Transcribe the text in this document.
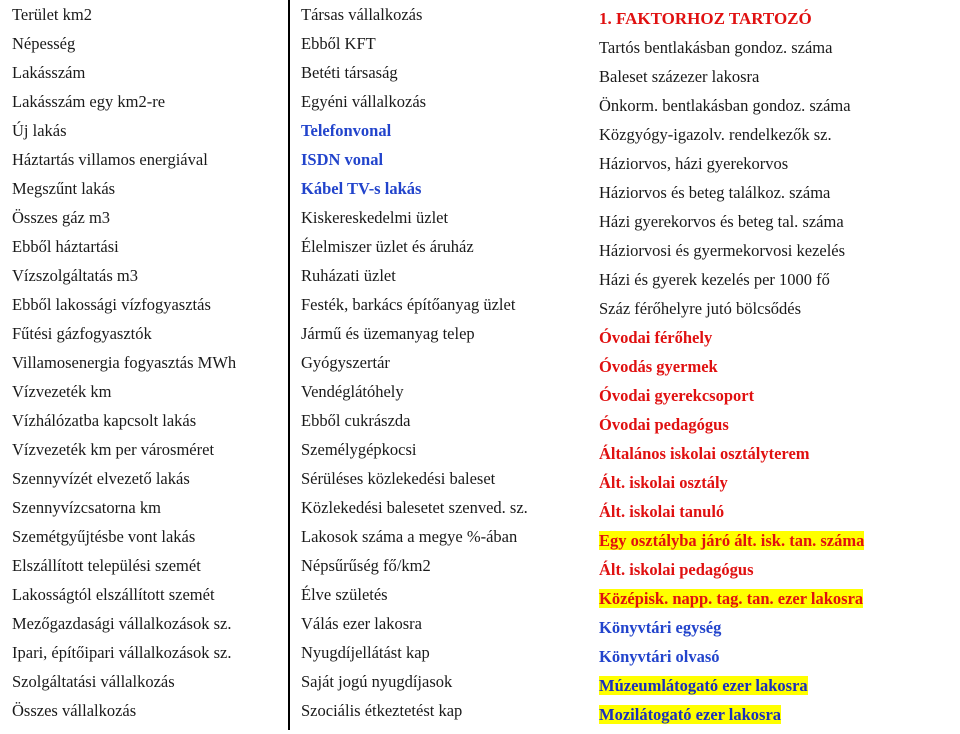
Terület km2
Népesség
Lakásszám
Lakásszám egy km2-re
Új lakás
Háztartás villamos energiával
Megszűnt lakás
Összes gáz m3
Ebből háztartási
Vízszolgáltatás m3
Ebből lakossági vízfogyasztás
Fűtési gázfogyasztók
Villamosenergia fogyasztás MWh
Vízvezeték km
Vízhálózatba kapcsolt lakás
Vízvezeték km per városméret
Szennyvízét elvezető lakás
Szennyvízcsatorna km
Szemétgyűjtésbe vont lakás
Elszállított települési szemét
Lakosságtól elszállított szemét
Mezőgazdasági vállalkozások sz.
Ipari, építőipari vállalkozások sz.
Szolgáltatási vállalkozás
Összes vállalkozás
Társas vállalkozás
Ebből KFT
Betéti társaság
Egyéni vállalkozás
Telefonvonal
ISDN vonal
Kábel TV-s lakás
Kiskereskedelmi üzlet
Élelmiszer üzlet és áruház
Ruházati üzlet
Festék, barkács építőanyag üzlet
Jármű és üzemanyag telep
Gyógyszertár
Vendéglátóhely
Ebből cukrászda
Személygépkocsi
Sérüléses közlekedési baleset
Közlekedési balesetet szenved. sz.
Lakosok száma a megye %-ában
Népsűrűség fő/km2
Élve születés
Válás ezer lakosra
Nyugdíjellátást kap
Saját jogú nyugdíjasok
Szociális étkeztetést kap
1. FAKTORHOZ TARTOZÓ
Tartós bentlakásban gondoz. száma
Baleset százezer lakosra
Önkorm. bentlakásban gondoz. száma
Közgyógy-igazolv. rendelkezők sz.
Háziorvos, házi gyerekorvos
Háziorvos és beteg találkoz. száma
Házi gyerekorvos és beteg tal. száma
Háziorvosi és gyermekorvosi kezelés
Házi és gyerek kezelés per 1000 fő
Száz férőhelyre jutó bölcsődés
Óvodai férőhely
Óvodás gyermek
Óvodai gyerekcsoport
Óvodai pedagógus
Általános iskolai osztályterem
Ált. iskolai osztály
Ált. iskolai tanuló
Egy osztályba járó ált. isk. tan. száma
Ált. iskolai pedagógus
Középisk. napp. tag. tan. ezer lakosra
Könyvtári egység
Könyvtári olvasó
Múzeumlátogató ezer lakosra
Mozilátogató ezer lakosra
